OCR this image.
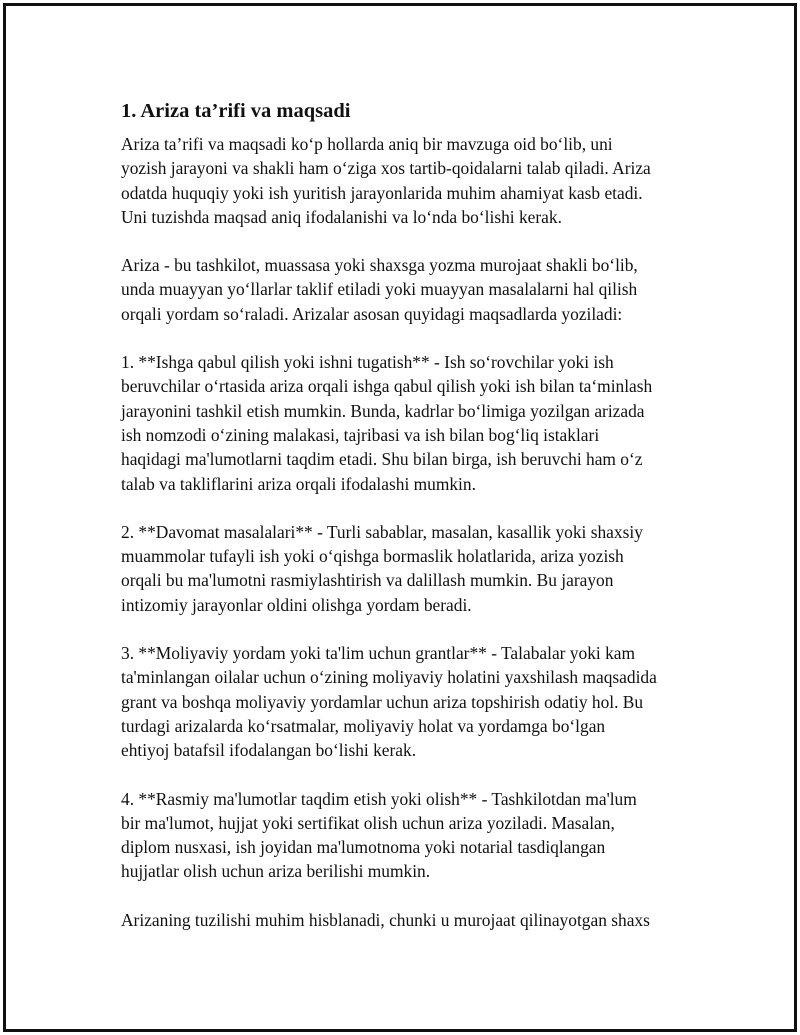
1. Ariza ta’rifi va maqsadi
Ariza ta’rifi va maqsadi ko‘p hollarda aniq bir mavzuga oid bo‘lib, uni
yozish jarayoni va shakli ham o‘ziga xos tartib-qoidalarni talab qiladi. Ariza
odatda huquqiy yoki ish yuritish jarayonlarida muhim ahamiyat kasb etadi.
Uni tuzishda maqsad aniq ifodalanishi va lo‘nda bo‘lishi kerak.
Ariza - bu tashkilot, muassasa yoki shaxsga yozma murojaat shakli bo‘lib,
unda muayyan yo‘llarlar taklif etiladi yoki muayyan masalalarni hal qilish
orqali yordam so‘raladi. Arizalar asosan quyidagi maqsadlarda yoziladi:
1. **Ishga qabul qilish yoki ishni tugatish** - Ish so‘rovchilar yoki ish
beruvchilar o‘rtasida ariza orqali ishga qabul qilish yoki ish bilan ta‘minlash
jarayonini tashkil etish mumkin. Bunda, kadrlar bo‘limiga yozilgan arizada
ish nomzodi o‘zining malakasi, tajribasi va ish bilan bog‘liq istaklari
haqidagi ma'lumotlarni taqdim etadi. Shu bilan birga, ish beruvchi ham o‘z
talab va takliflarini ariza orqali ifodalashi mumkin.
2. **Davomat masalalari** - Turli sabablar, masalan, kasallik yoki shaxsiy
muammolar tufayli ish yoki o‘qishga bormaslik holatlarida, ariza yozish
orqali bu ma'lumotni rasmiylashtirish va dalillash mumkin. Bu jarayon
intizomiy jarayonlar oldini olishga yordam beradi.
3. **Moliyaviy yordam yoki ta'lim uchun grantlar** - Talabalar yoki kam
ta'minlangan oilalar uchun o‘zining moliyaviy holatini yaxshilash maqsadida
grant va boshqa moliyaviy yordamlar uchun ariza topshirish odatiy hol. Bu
turdagi arizalarda ko‘rsatmalar, moliyaviy holat va yordamga bo‘lgan
ehtiyoj batafsil ifodalangan bo‘lishi kerak.
4. **Rasmiy ma'lumotlar taqdim etish yoki olish** - Tashkilotdan ma'lum
bir ma'lumot, hujjat yoki sertifikat olish uchun ariza yoziladi. Masalan,
diplom nusxasi, ish joyidan ma'lumotnoma yoki notarial tasdiqlangan
hujjatlar olish uchun ariza berilishi mumkin.
Arizaning tuzilishi muhim hisblanadi, chunki u murojaat qilinayotgan shaxs
